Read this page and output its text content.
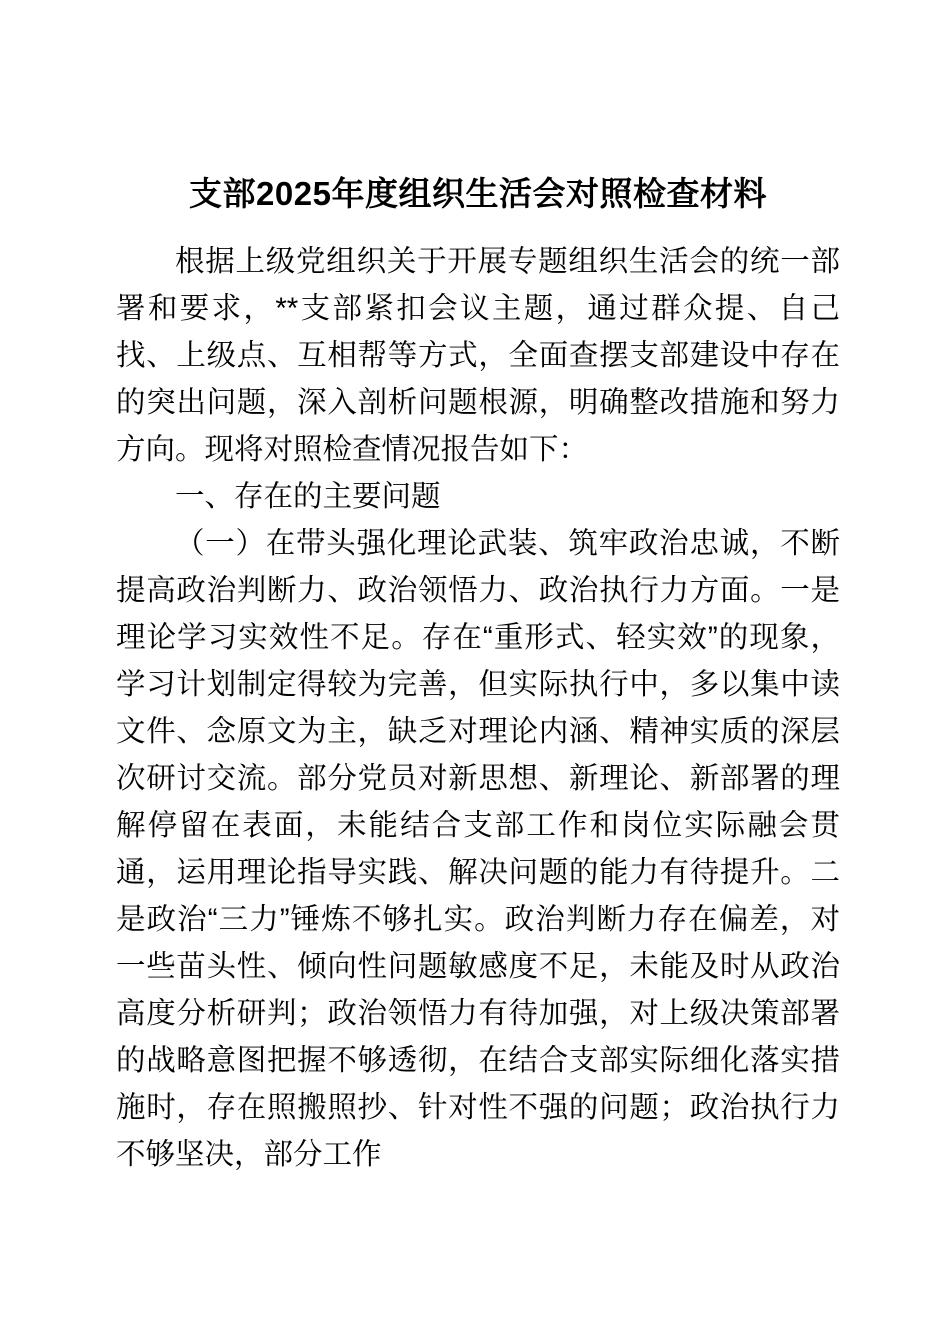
支部2025年度组织生活会对照检查材料

根据上级党组织关于开展专题组织生活会的统一部署和要求，**支部紧扣会议主题，通过群众提、自己找、上级点、互相帮等方式，全面查摆支部建设中存在的突出问题，深入剖析问题根源，明确整改措施和努力方向。现将对照检查情况报告如下：

一、存在的主要问题

（一）在带头强化理论武装、筑牢政治忠诚，不断提高政治判断力、政治领悟力、政治执行力方面。一是理论学习实效性不足。存在“重形式、轻实效”的现象，学习计划制定得较为完善，但实际执行中，多以集中读文件、念原文为主，缺乏对理论内涵、精神实质的深层次研讨交流。部分党员对新思想、新理论、新部署的理解停留在表面，未能结合支部工作和岗位实际融会贯通，运用理论指导实践、解决问题的能力有待提升。二是政治“三力”锤炼不够扎实。政治判断力存在偏差，对一些苗头性、倾向性问题敏感度不足，未能及时从政治高度分析研判；政治领悟力有待加强，对上级决策部署的战略意图把握不够透彻，在结合支部实际细化落实措施时，存在照搬照抄、针对性不强的问题；政治执行力不够坚决，部分工作
